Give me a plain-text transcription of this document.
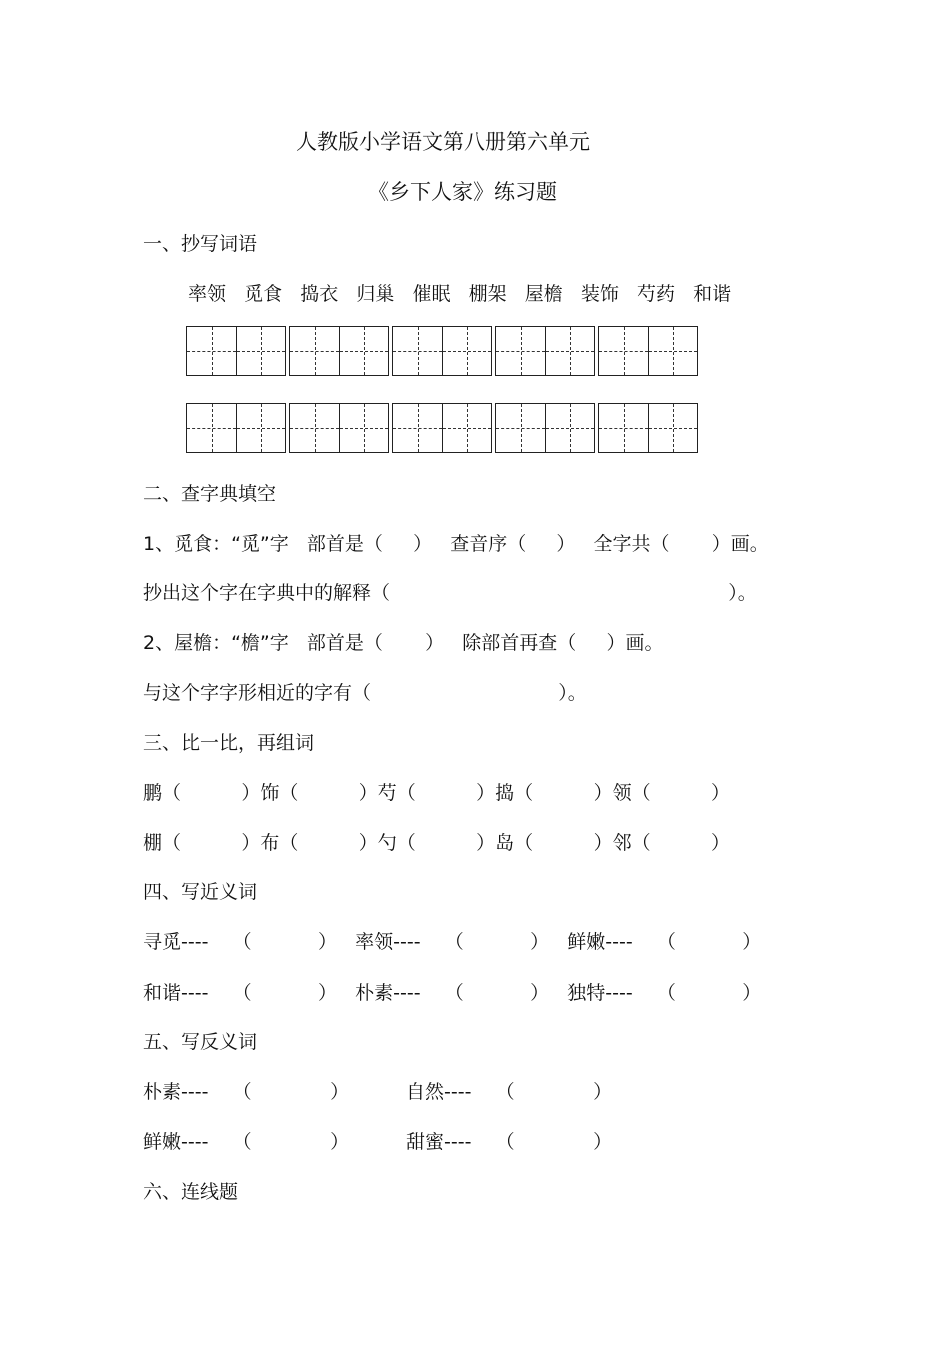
人教版小学语文第八册第六单元
《乡下人家》练习题
一、抄写词语
率领   觅食   捣衣   归巢   催眠   棚架   屋檐   装饰   芍药   和谐
二、查字典填空
1、觅食：“觅”字   部首是（     ）   查音序（     ）   全字共（       ）画。
抄出这个字在字典中的解释（                                                        ）。
2、屋檐：“檐”字   部首是（       ）   除部首再查（     ）画。
与这个字字形相近的字有（                               ）。
三、比一比，再组词
鹏（          ）饰（          ）芍（          ）捣（          ）领（          ）
棚（          ）布（          ）勺（          ）岛（          ）邻（          ）
四、写近义词
寻觅----    （           ）   率领----    （           ）   鲜嫩----    （           ）
和谐----    （           ）   朴素----    （           ）   独特----    （           ）
五、写反义词
朴素----    （             ）	自然----    （             ）
鲜嫩----    （             ）	甜蜜----    （             ）
六、连线题
